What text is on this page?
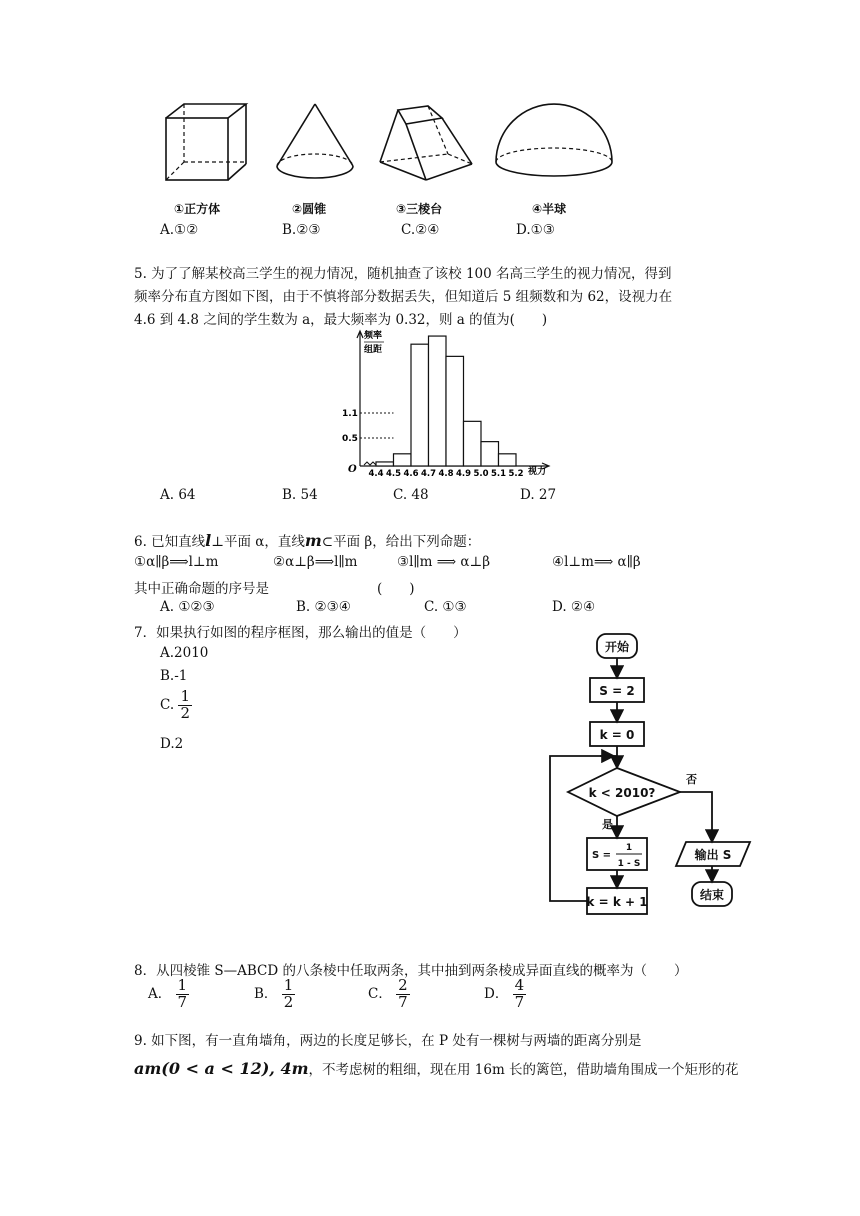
①正方体	②圆锥	③三棱台	④半球
A.①②	B.②③	C.②④	D.①③
5. 为了了解某校高三学生的视力情况，随机抽查了该校 100 名高三学生的视力情况，得到
频率分布直方图如下图，由于不慎将部分数据丢失，但知道后 5 组频数和为 62，设视力在
4.6 到 4.8 之间的学生数为 a，最大频率为 0.32，则 a 的值为(　　)
频率
组距
1.1
0.5
O 4.4 4.5 4.6 4.7 4.8 4.9 5.0 5.1 5.2 视力
A. 64	B. 54	C. 48	D. 27
6. 已知直线l⊥平面 α，直线m⊂平面 β，给出下列命题：
①α∥β⟹l⊥m	②α⊥β⟹l∥m	③l∥m ⟹ α⊥β	④l⊥m⟹ α∥β
其中正确命题的序号是　　　　　　　　(　　)
A. ①②③	B. ②③④	C. ①③	D. ②④
7．如果执行如图的程序框图，那么输出的值是（　　）
A.2010
B.-1
C. $\frac{1}{2}$
D.2
开始
S = 2
k = 0
k < 2010?
否
是
S =
1
1 - S
输出 S
结束
k = k + 1
8．从四棱锥 S—ABCD 的八条棱中任取两条，其中抽到两条棱成异面直线的概率为（　　）
A． $\frac{1}{7}$	B． $\frac{1}{2}$	C． $\frac{2}{7}$	D． $\frac{4}{7}$
9. 如下图，有一直角墙角，两边的长度足够长，在 P 处有一棵树与两墙的距离分别是
am(0 < a < 12), 4m，不考虑树的粗细，现在用 16m 长的篱笆，借助墙角围成一个矩形的花
